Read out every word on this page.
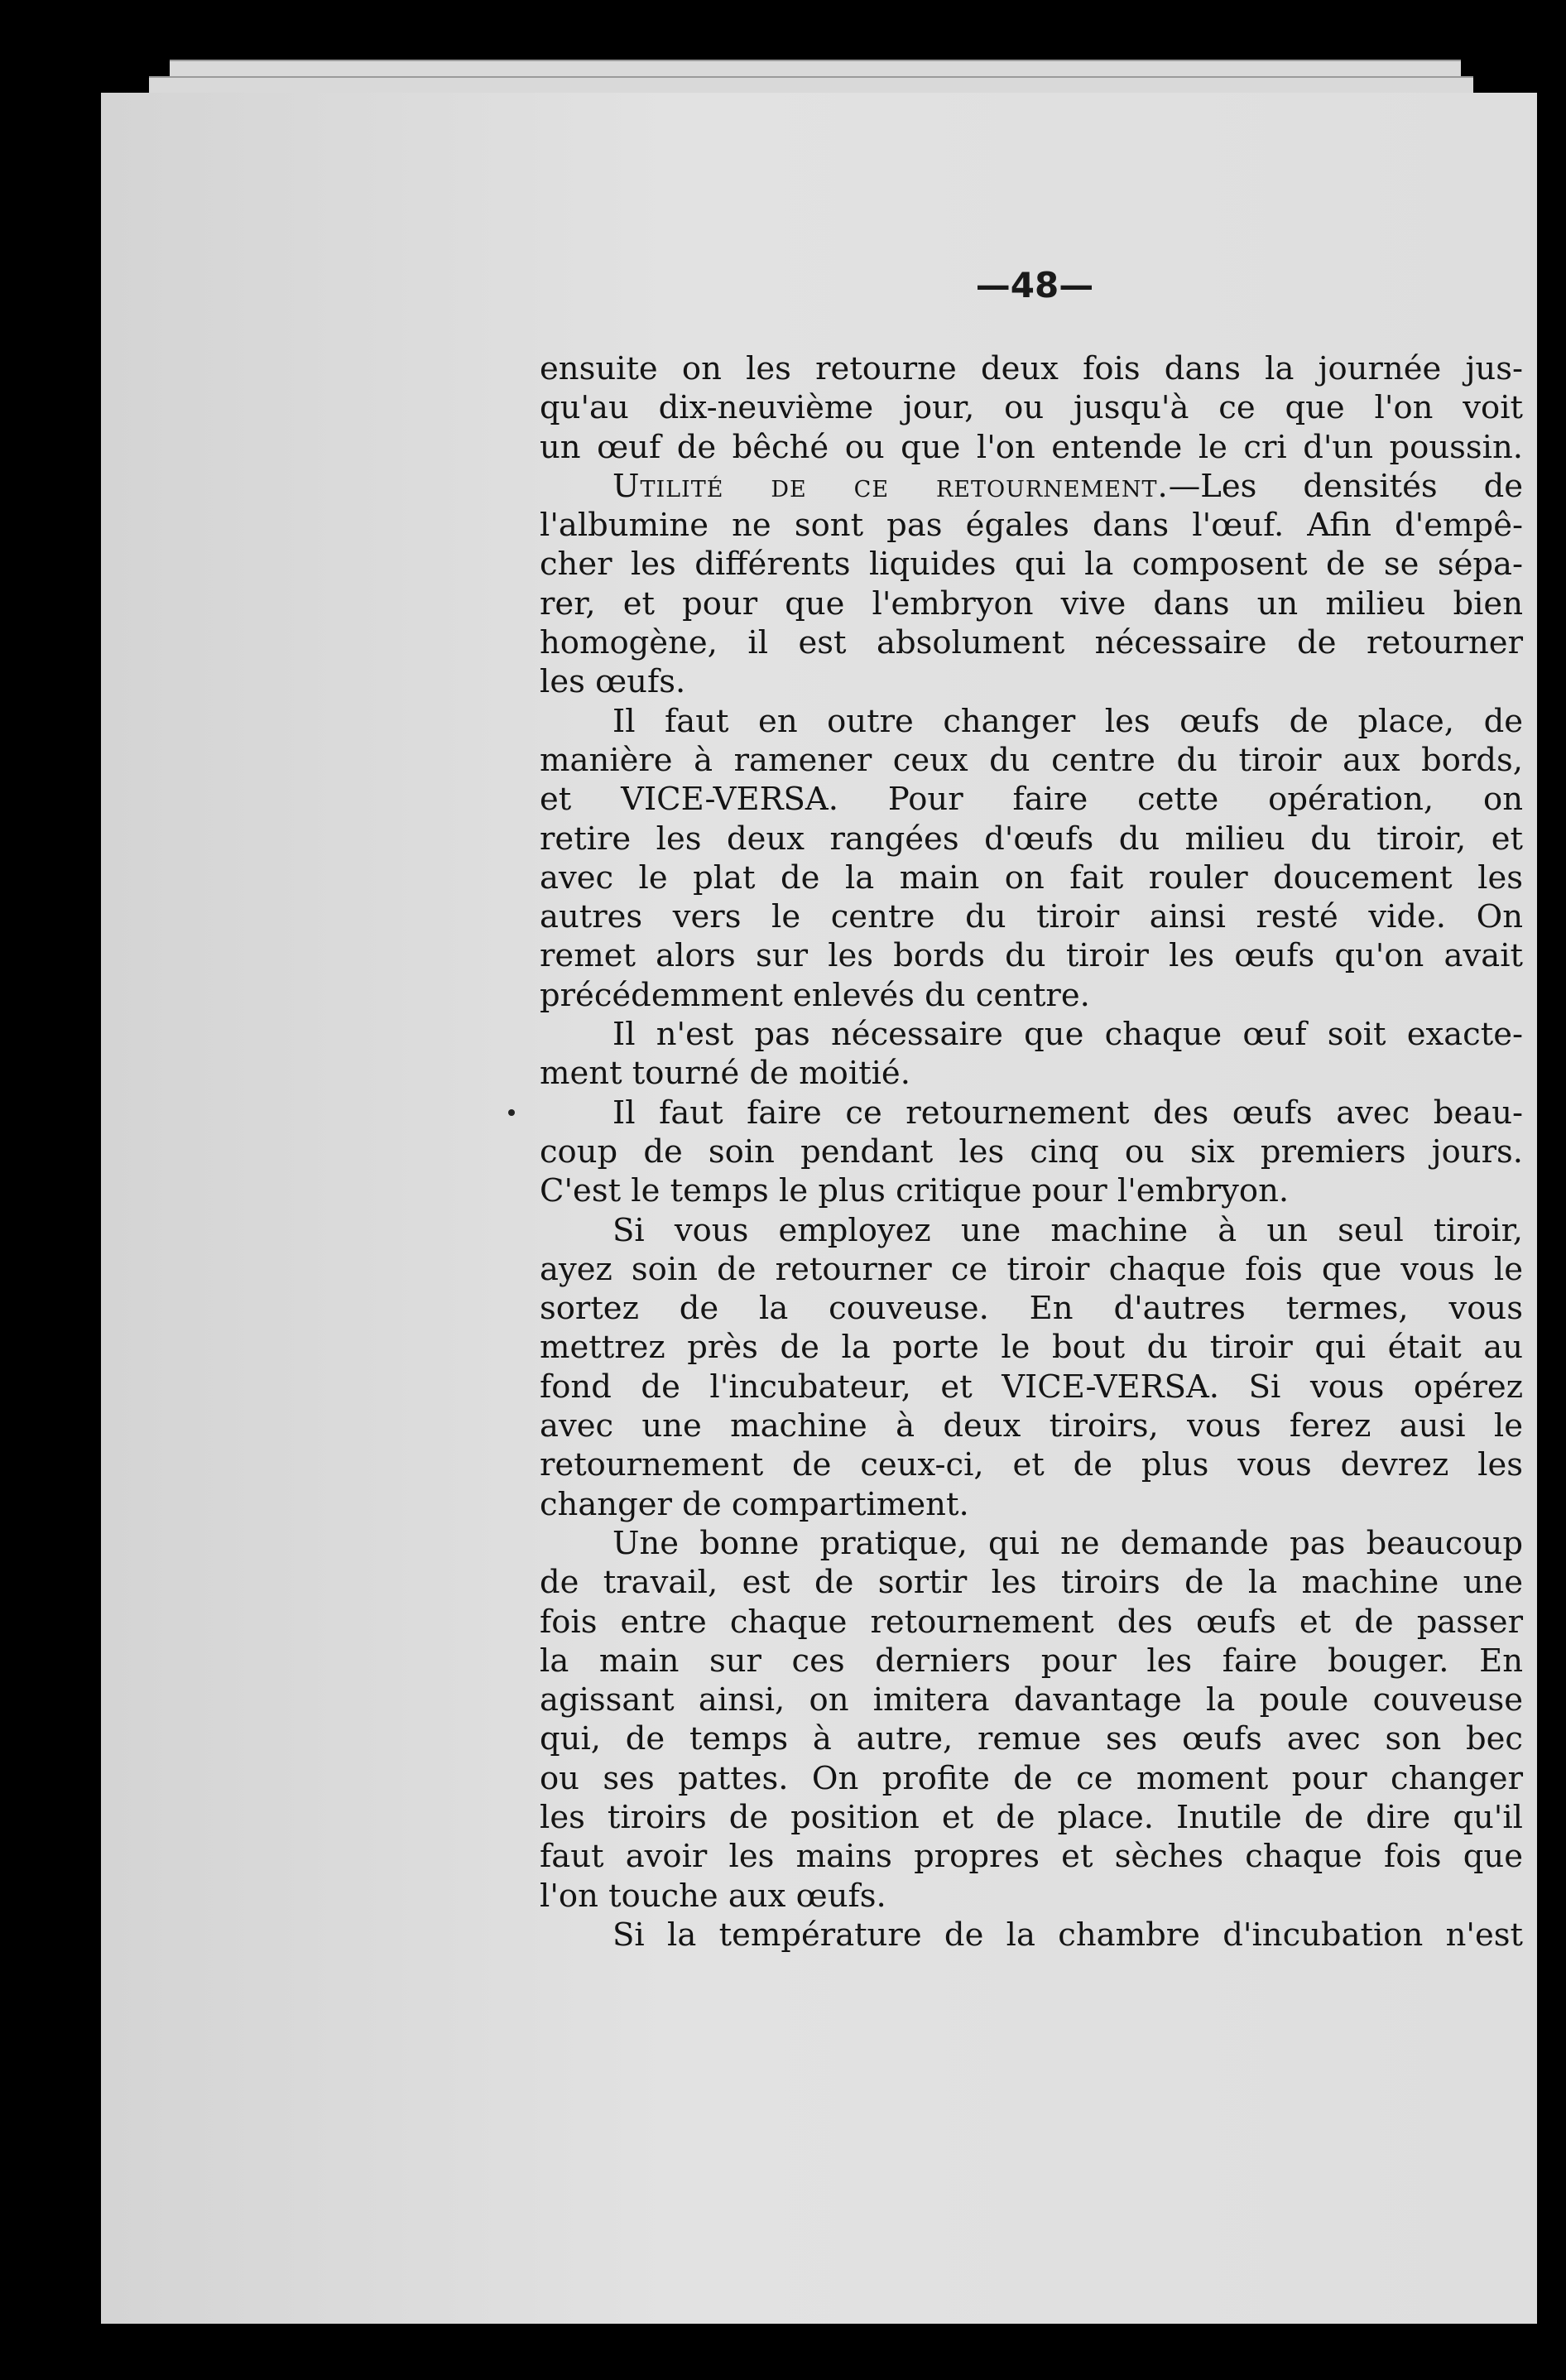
—48—
ensuite on les retourne deux fois dans la journée jus-
qu'au dix-neuvième jour, ou jusqu'à ce que l'on voit
un œuf de bêché ou que l'on entende le cri d'un poussin.
Utilité de ce retournement.—Les densités de
l'albumine ne sont pas égales dans l'œuf. Afin d'empê-
cher les différents liquides qui la composent de se sépa-
rer, et pour que l'embryon vive dans un milieu bien
homogène, il est absolument nécessaire de retourner
les œufs.
Il faut en outre changer les œufs de place, de
manière à ramener ceux du centre du tiroir aux bords,
et VICE-VERSA. Pour faire cette opération, on
retire les deux rangées d'œufs du milieu du tiroir, et
avec le plat de la main on fait rouler doucement les
autres vers le centre du tiroir ainsi resté vide. On
remet alors sur les bords du tiroir les œufs qu'on avait
précédemment enlevés du centre.
Il n'est pas nécessaire que chaque œuf soit exacte-
ment tourné de moitié.
Il faut faire ce retournement des œufs avec beau-
coup de soin pendant les cinq ou six premiers jours.
C'est le temps le plus critique pour l'embryon.
Si vous employez une machine à un seul tiroir,
ayez soin de retourner ce tiroir chaque fois que vous le
sortez de la couveuse. En d'autres termes, vous
mettrez près de la porte le bout du tiroir qui était au
fond de l'incubateur, et VICE-VERSA. Si vous opérez
avec une machine à deux tiroirs, vous ferez ausi le
retournement de ceux-ci, et de plus vous devrez les
changer de compartiment.
Une bonne pratique, qui ne demande pas beaucoup
de travail, est de sortir les tiroirs de la machine une
fois entre chaque retournement des œufs et de passer
la main sur ces derniers pour les faire bouger. En
agissant ainsi, on imitera davantage la poule couveuse
qui, de temps à autre, remue ses œufs avec son bec
ou ses pattes. On profite de ce moment pour changer
les tiroirs de position et de place. Inutile de dire qu'il
faut avoir les mains propres et sèches chaque fois que
l'on touche aux œufs.
Si la température de la chambre d'incubation n'est
